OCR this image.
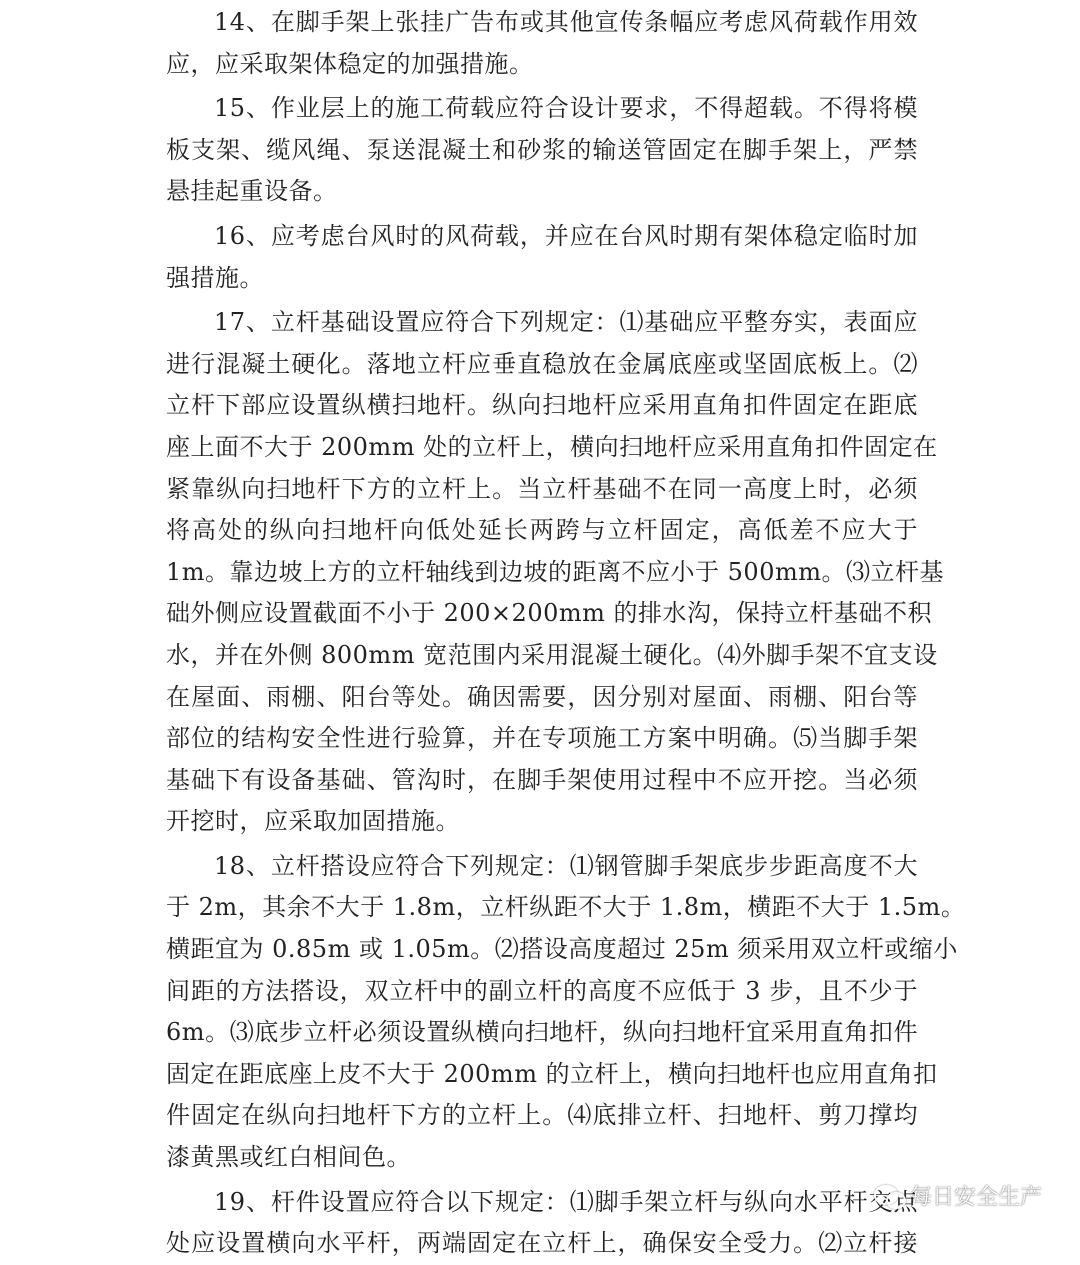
14、在脚手架上张挂广告布或其他宣传条幅应考虑风荷载作用效
应，应采取架体稳定的加强措施。
15、作业层上的施工荷载应符合设计要求，不得超载。不得将模
板支架、缆风绳、泵送混凝土和砂浆的输送管固定在脚手架上，严禁
悬挂起重设备。
16、应考虑台风时的风荷载，并应在台风时期有架体稳定临时加
强措施。
17、立杆基础设置应符合下列规定：⑴基础应平整夯实，表面应
进行混凝土硬化。落地立杆应垂直稳放在金属底座或坚固底板上。⑵
立杆下部应设置纵横扫地杆。纵向扫地杆应采用直角扣件固定在距底
座上面不大于 200mm 处的立杆上，横向扫地杆应采用直角扣件固定在
紧靠纵向扫地杆下方的立杆上。当立杆基础不在同一高度上时，必须
将高处的纵向扫地杆向低处延长两跨与立杆固定，高低差不应大于
1m。靠边坡上方的立杆轴线到边坡的距离不应小于 500mm。⑶立杆基
础外侧应设置截面不小于 200×200mm 的排水沟，保持立杆基础不积
水，并在外侧 800mm 宽范围内采用混凝土硬化。⑷外脚手架不宜支设
在屋面、雨棚、阳台等处。确因需要，因分别对屋面、雨棚、阳台等
部位的结构安全性进行验算，并在专项施工方案中明确。⑸当脚手架
基础下有设备基础、管沟时，在脚手架使用过程中不应开挖。当必须
开挖时，应采取加固措施。
18、立杆搭设应符合下列规定：⑴钢管脚手架底步步距高度不大
于 2m，其余不大于 1.8m，立杆纵距不大于 1.8m，横距不大于 1.5m。
横距宜为 0.85m 或 1.05m。⑵搭设高度超过 25m 须采用双立杆或缩小
间距的方法搭设，双立杆中的副立杆的高度不应低于 3 步，且不少于
6m。⑶底步立杆必须设置纵横向扫地杆，纵向扫地杆宜采用直角扣件
固定在距底座上皮不大于 200mm 的立杆上，横向扫地杆也应用直角扣
件固定在纵向扫地杆下方的立杆上。⑷底排立杆、扫地杆、剪刀撑均
漆黄黑或红白相间色。
19、杆件设置应符合以下规定：⑴脚手架立杆与纵向水平杆交点
处应设置横向水平杆，两端固定在立杆上，确保安全受力。⑵立杆接
每日安全生产
